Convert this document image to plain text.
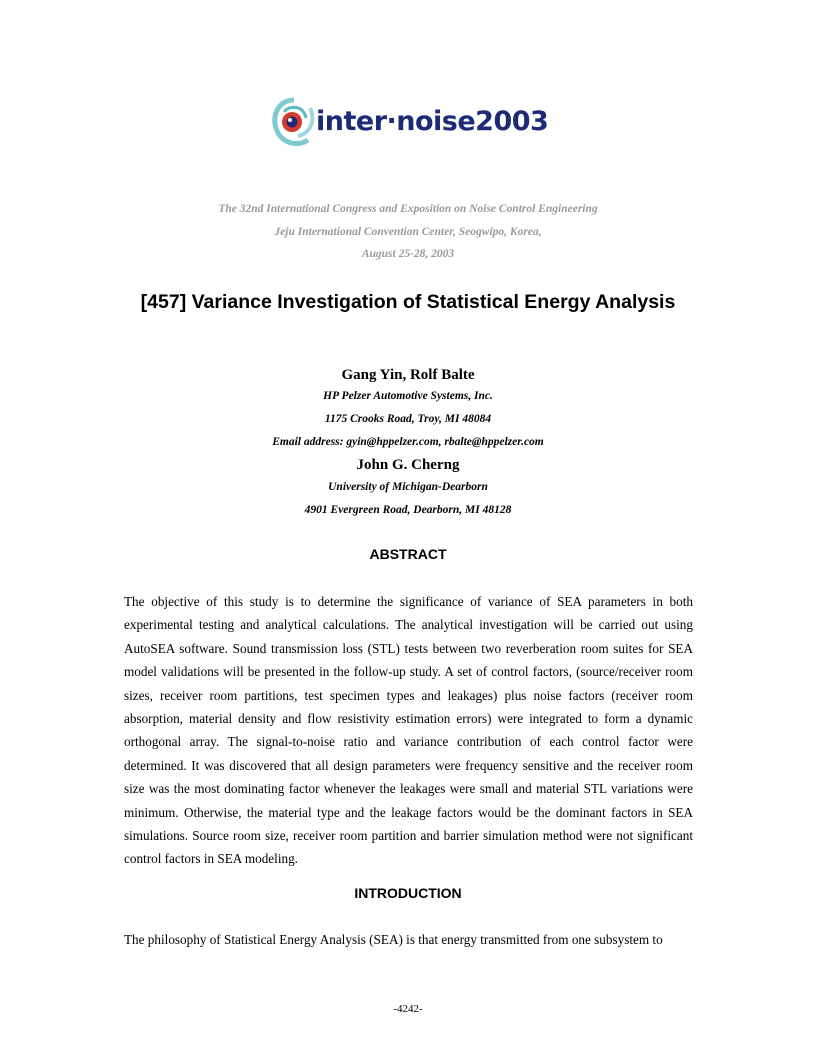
inter·noise2003
The 32nd International Congress and Exposition on Noise Control Engineering
Jeju International Convention Center, Seogwipo, Korea,
August 25-28, 2003
[457] Variance Investigation of Statistical Energy Analysis
Gang Yin, Rolf Balte
HP Pelzer Automotive Systems, Inc.
1175 Crooks Road, Troy, MI 48084
Email address: gyin@hppelzer.com, rbalte@hppelzer.com
John G. Cherng
University of Michigan-Dearborn
4901 Evergreen Road, Dearborn, MI 48128
ABSTRACT
The objective of this study is to determine the significance of variance of SEA parameters in both experimental testing and analytical calculations. The analytical investigation will be carried out using AutoSEA software. Sound transmission loss (STL) tests between two reverberation room suites for SEA model validations will be presented in the follow-up study. A set of control factors, (source/receiver room sizes, receiver room partitions, test specimen types and leakages) plus noise factors (receiver room absorption, material density and flow resistivity estimation errors) were integrated to form a dynamic orthogonal array. The signal-to-noise ratio and variance contribution of each control factor were determined. It was discovered that all design parameters were frequency sensitive and the receiver room size was the most dominating factor whenever the leakages were small and material STL variations were minimum. Otherwise, the material type and the leakage factors would be the dominant factors in SEA simulations. Source room size, receiver room partition and barrier simulation method were not significant control factors in SEA modeling.
INTRODUCTION
The philosophy of Statistical Energy Analysis (SEA) is that energy transmitted from one subsystem to
-4242-
